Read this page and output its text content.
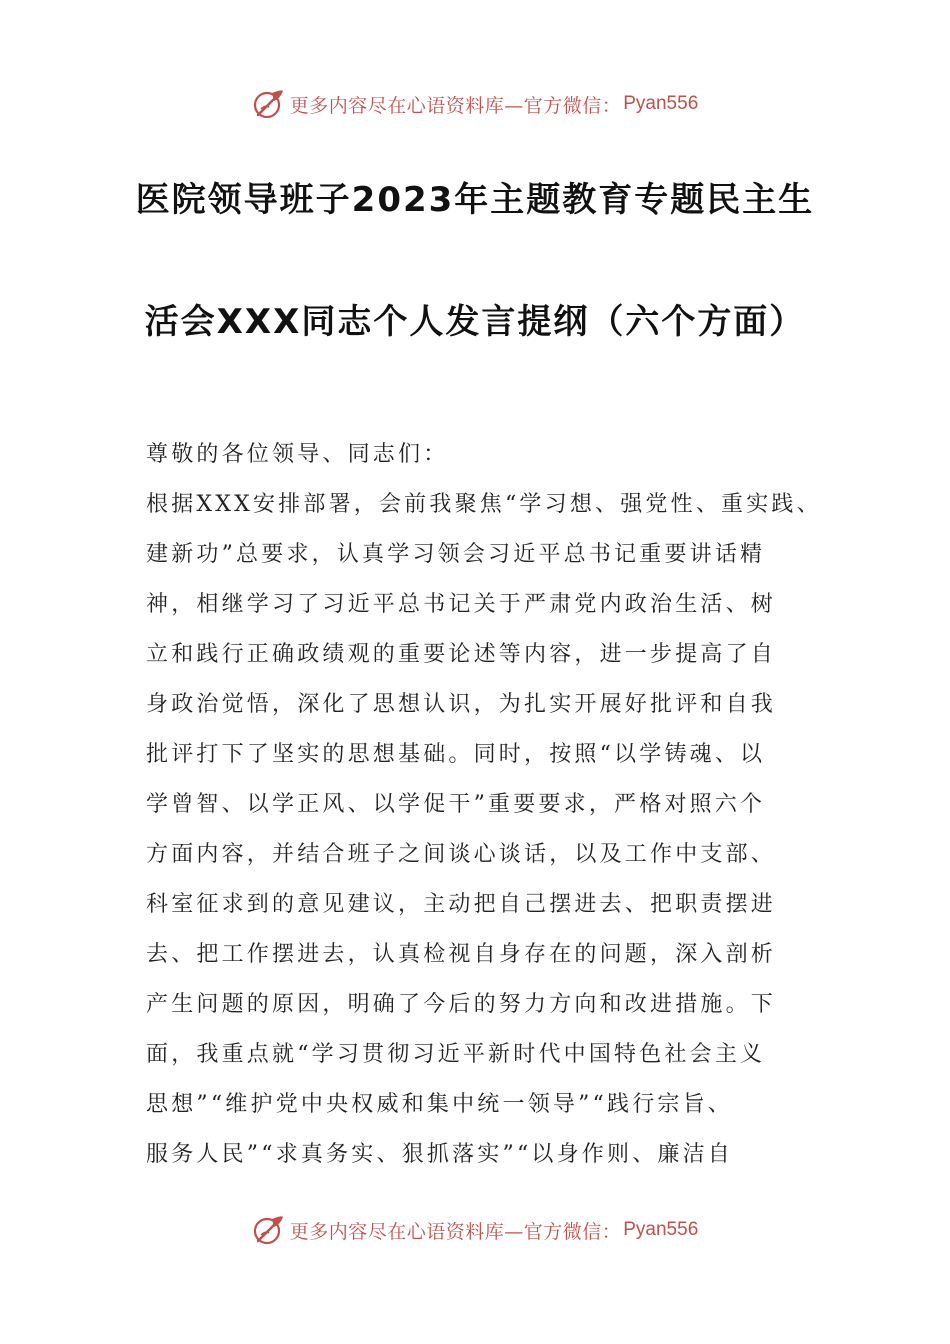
更多内容尽在心语资料库—官方微信： Pyan556
医院领导班子2023年主题教育专题民主生
活会XXX同志个人发言提纲（六个方面）
尊敬的各位领导、同志们：
根据XXX安排部署，会前我聚焦“学习想、强党性、重实践、
建新功”总要求，认真学习领会习近平总书记重要讲话精
神，相继学习了习近平总书记关于严肃党内政治生活、树
立和践行正确政绩观的重要论述等内容，进一步提高了自
身政治觉悟，深化了思想认识，为扎实开展好批评和自我
批评打下了坚实的思想基础。同时，按照“以学铸魂、以
学曾智、以学正风、以学促干”重要要求，严格对照六个
方面内容，并结合班子之间谈心谈话，以及工作中支部、
科室征求到的意见建议，主动把自己摆进去、把职责摆进
去、把工作摆进去，认真检视自身存在的问题，深入剖析
产生问题的原因，明确了今后的努力方向和改进措施。下
面，我重点就“学习贯彻习近平新时代中国特色社会主义
思想”“维护党中央权威和集中统一领导”“践行宗旨、
服务人民”“求真务实、狠抓落实”“以身作则、廉洁自
更多内容尽在心语资料库—官方微信： Pyan556
